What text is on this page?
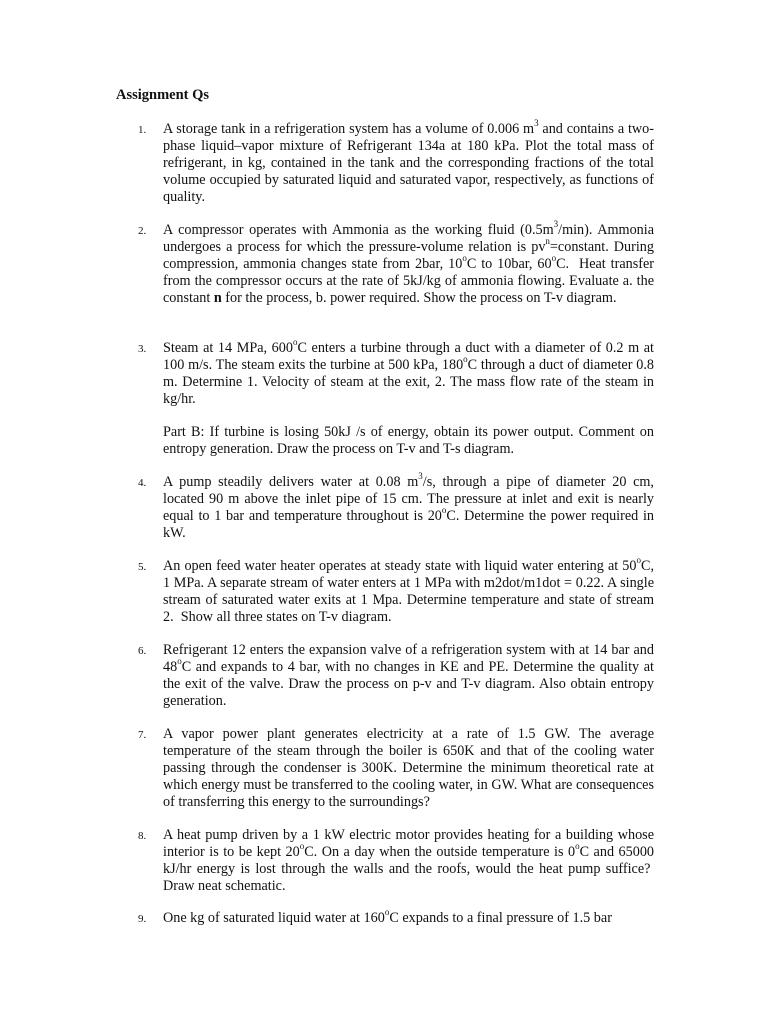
Assignment Qs
1.	A storage tank in a refrigeration system has a volume of 0.006 $m^3$ and contains a two-phase liquid–vapor mixture of Refrigerant 134a at 180 kPa. Plot the total mass of refrigerant, in kg, contained in the tank and the corresponding fractions of the total volume occupied by saturated liquid and saturated vapor, respectively, as functions of quality.

2.	A compressor operates with Ammonia as the working fluid $(0.5m^3/\min)$. Ammonia undergoes a process for which the pressure-volume relation is $pv^n=constant$. During compression, ammonia changes state from 2bar, 10$^o$C to 10bar, 60$^o$C.  Heat transfer from the compressor occurs at the rate of 5kJ/kg of ammonia flowing. Evaluate a. the constant n for the process, b. power required. Show the process on T-v diagram.

3.	Steam at 14 MPa, 600$^o$C enters a turbine through a duct with a diameter of 0.2 m at 100 m/s. The steam exits the turbine at 500 kPa, 180$^o$C through a duct of diameter 0.8 m. Determine 1. Velocity of steam at the exit, 2. The mass flow rate of the steam in kg/hr.

Part B: If turbine is losing 50kJ /s of energy, obtain its power output. Comment on entropy generation. Draw the process on T-v and T-s diagram.

4.	A pump steadily delivers water at 0.08 $m^3/s$, through a pipe of diameter 20 cm, located 90 m above the inlet pipe of 15 cm. The pressure at inlet and exit is nearly equal to 1 bar and temperature throughout is 20$^o$C. Determine the power required in kW.

5.	An open feed water heater operates at steady state with liquid water entering at 50$^o$C, 1 MPa. A separate stream of water enters at 1 MPa with m2dot/m1dot = 0.22. A single stream of saturated water exits at 1 Mpa. Determine temperature and state of stream 2.  Show all three states on T-v diagram.

6.	Refrigerant 12 enters the expansion valve of a refrigeration system with at 14 bar and 48$^o$C and expands to 4 bar, with no changes in KE and PE. Determine the quality at the exit of the valve. Draw the process on p-v and T-v diagram. Also obtain entropy generation.

7.	A vapor power plant generates electricity at a rate of 1.5 GW. The average temperature of the steam through the boiler is 650K and that of the cooling water passing through the condenser is 300K. Determine the minimum theoretical rate at which energy must be transferred to the cooling water, in GW. What are consequences of transferring this energy to the surroundings?

8.	A heat pump driven by a 1 kW electric motor provides heating for a building whose interior is to be kept 20$^o$C. On a day when the outside temperature is 0$^o$C and 65000 kJ/hr energy is lost through the walls and the roofs, would the heat pump suffice?  Draw neat schematic.

9.	One kg of saturated liquid water at 160$^o$C expands to a final pressure of 1.5 bar
